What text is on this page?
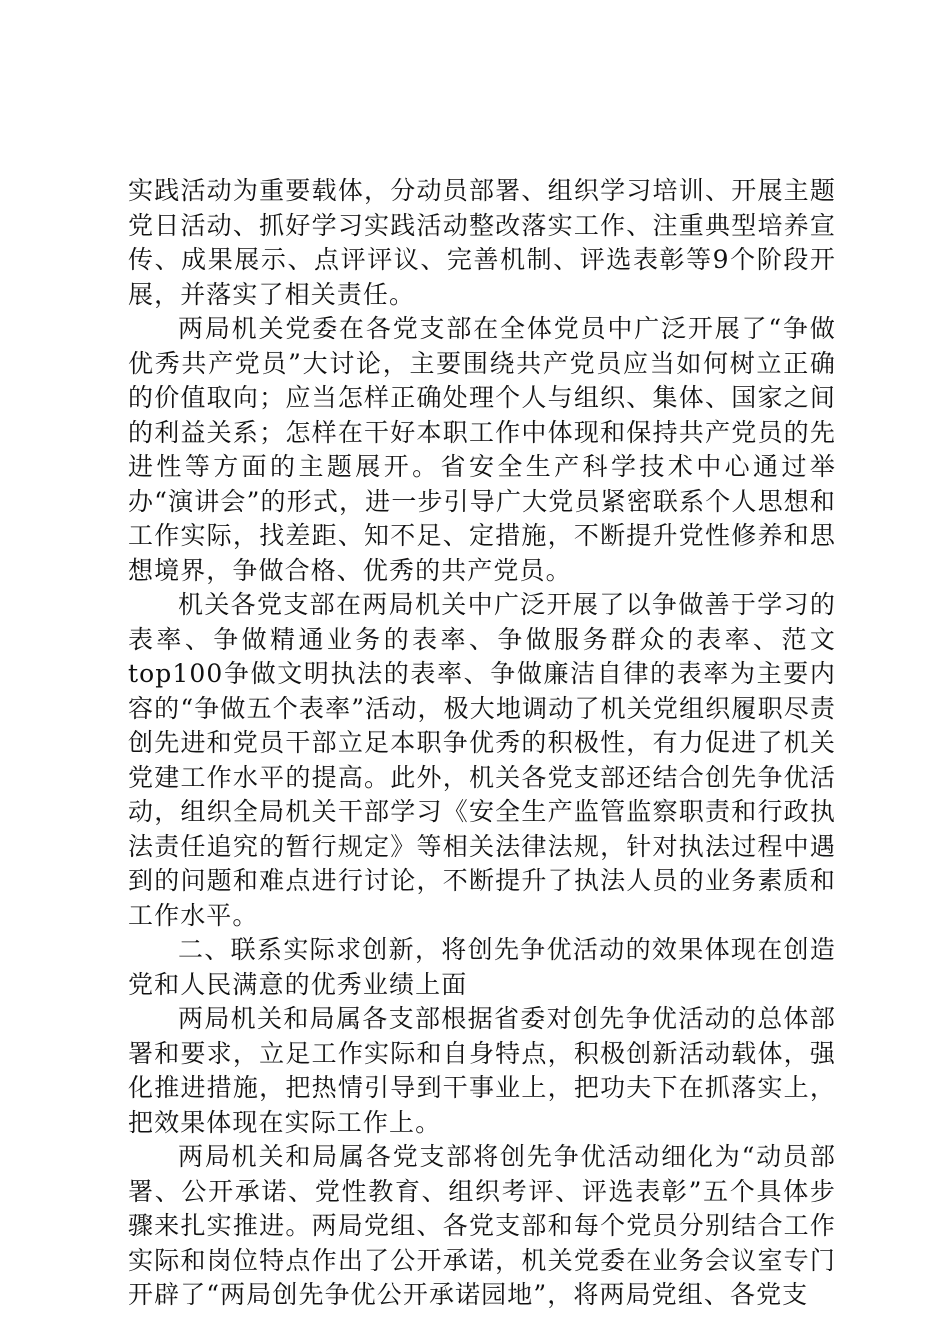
实践活动为重要载体，分动员部署、组织学习培训、开展主题党日活动、抓好学习实践活动整改落实工作、注重典型培养宣传、成果展示、点评评议、完善机制、评选表彰等9个阶段开展，并落实了相关责任。

两局机关党委在各党支部在全体党员中广泛开展了“争做优秀共产党员”大讨论，主要围绕共产党员应当如何树立正确的价值取向；应当怎样正确处理个人与组织、集体、国家之间的利益关系；怎样在干好本职工作中体现和保持共产党员的先进性等方面的主题展开。省安全生产科学技术中心通过举办“演讲会”的形式，进一步引导广大党员紧密联系个人思想和工作实际，找差距、知不足、定措施，不断提升党性修养和思想境界，争做合格、优秀的共产党员。

机关各党支部在两局机关中广泛开展了以争做善于学习的表率、争做精通业务的表率、争做服务群众的表率、范文top100争做文明执法的表率、争做廉洁自律的表率为主要内容的“争做五个表率”活动，极大地调动了机关党组织履职尽责创先进和党员干部立足本职争优秀的积极性，有力促进了机关党建工作水平的提高。此外，机关各党支部还结合创先争优活动，组织全局机关干部学习《安全生产监管监察职责和行政执法责任追究的暂行规定》等相关法律法规，针对执法过程中遇到的问题和难点进行讨论，不断提升了执法人员的业务素质和工作水平。

二、联系实际求创新，将创先争优活动的效果体现在创造党和人民满意的优秀业绩上面

两局机关和局属各支部根据省委对创先争优活动的总体部署和要求，立足工作实际和自身特点，积极创新活动载体，强化推进措施，把热情引导到干事业上，把功夫下在抓落实上，把效果体现在实际工作上。

两局机关和局属各党支部将创先争优活动细化为“动员部署、公开承诺、党性教育、组织考评、评选表彰”五个具体步骤来扎实推进。两局党组、各党支部和每个党员分别结合工作实际和岗位特点作出了公开承诺，机关党委在业务会议室专门开辟了“两局创先争优公开承诺园地”，将两局党组、各党支
